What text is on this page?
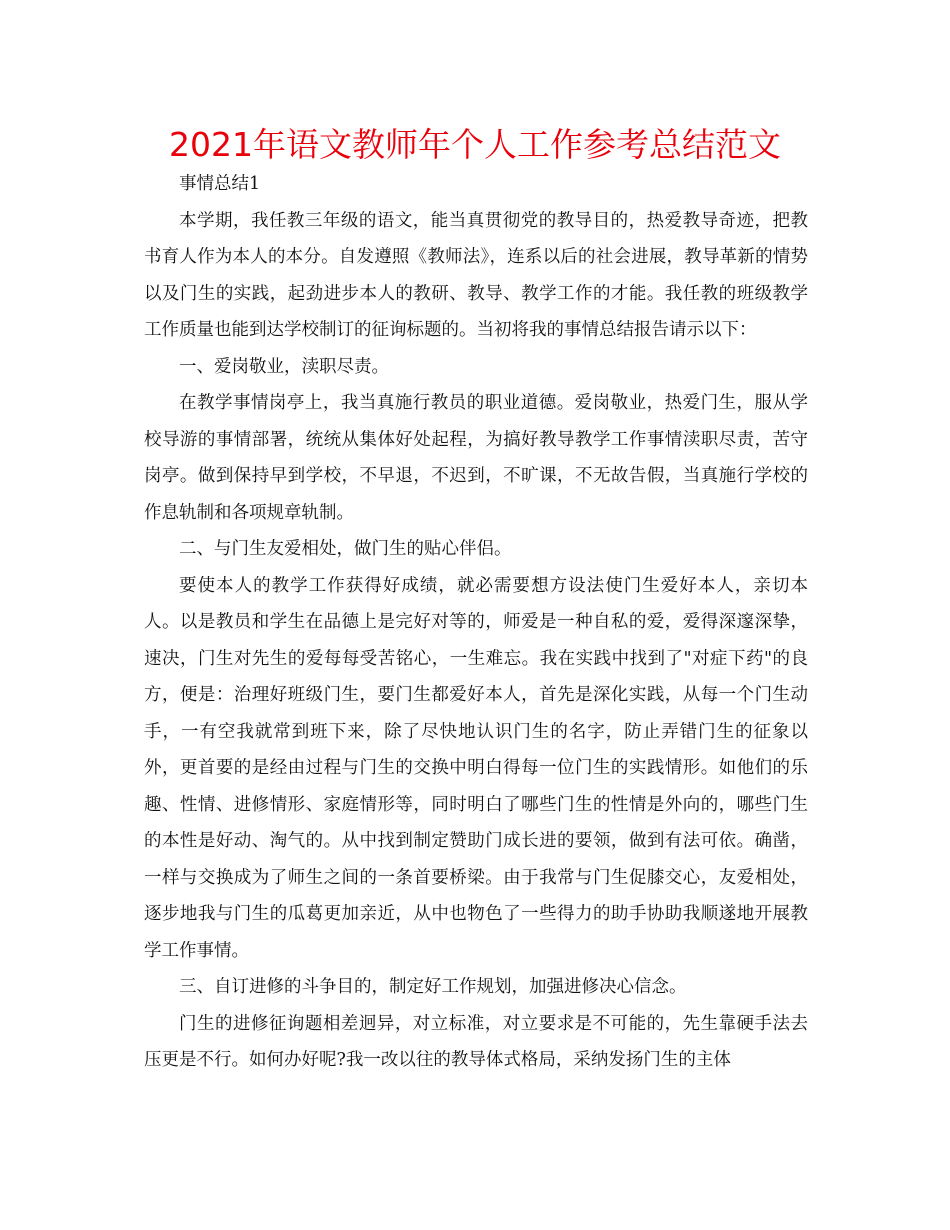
2021年语文教师年个人工作参考总结范文

事情总结1

本学期，我任教三年级的语文，能当真贯彻党的教导目的，热爱教导奇迹，把教书育人作为本人的本分。自发遵照《教师法》，连系以后的社会进展，教导革新的情势以及门生的实践，起劲进步本人的教研、教导、教学工作的才能。我任教的班级教学工作质量也能到达学校制订的征询标题的。当初将我的事情总结报告请示以下：

一、爱岗敬业，渎职尽责。

在教学事情岗亭上，我当真施行教员的职业道德。爱岗敬业，热爱门生，服从学校导游的事情部署，统统从集体好处起程，为搞好教导教学工作事情渎职尽责，苦守岗亭。做到保持早到学校，不早退，不迟到，不旷课，不无故告假，当真施行学校的作息轨制和各项规章轨制。

二、与门生友爱相处，做门生的贴心伴侣。

要使本人的教学工作获得好成绩，就必需要想方设法使门生爱好本人，亲切本人。以是教员和学生在品德上是完好对等的，师爱是一种自私的爱，爱得深邃深挚，速决，门生对先生的爱每每受苦铭心，一生难忘。我在实践中找到了"对症下药"的良方，便是：治理好班级门生，要门生都爱好本人，首先是深化实践，从每一个门生动手，一有空我就常到班下来，除了尽快地认识门生的名字，防止弄错门生的征象以外，更首要的是经由过程与门生的交换中明白得每一位门生的实践情形。如他们的乐趣、性情、进修情形、家庭情形等，同时明白了哪些门生的性情是外向的，哪些门生的本性是好动、淘气的。从中找到制定赞助门成长进的要领，做到有法可依。确凿，一样与交换成为了师生之间的一条首要桥梁。由于我常与门生促膝交心，友爱相处， 逐步地我与门生的瓜葛更加亲近，从中也物色了一些得力的助手协助我顺遂地开展教学工作事情。

三、自订进修的斗争目的，制定好工作规划，加强进修决心信念。

门生的进修征询题相差迥异，对立标准，对立要求是不可能的，先生靠硬手法去压更是不行。如何办好呢?我一改以往的教导体式格局，采纳发扬门生的主体
